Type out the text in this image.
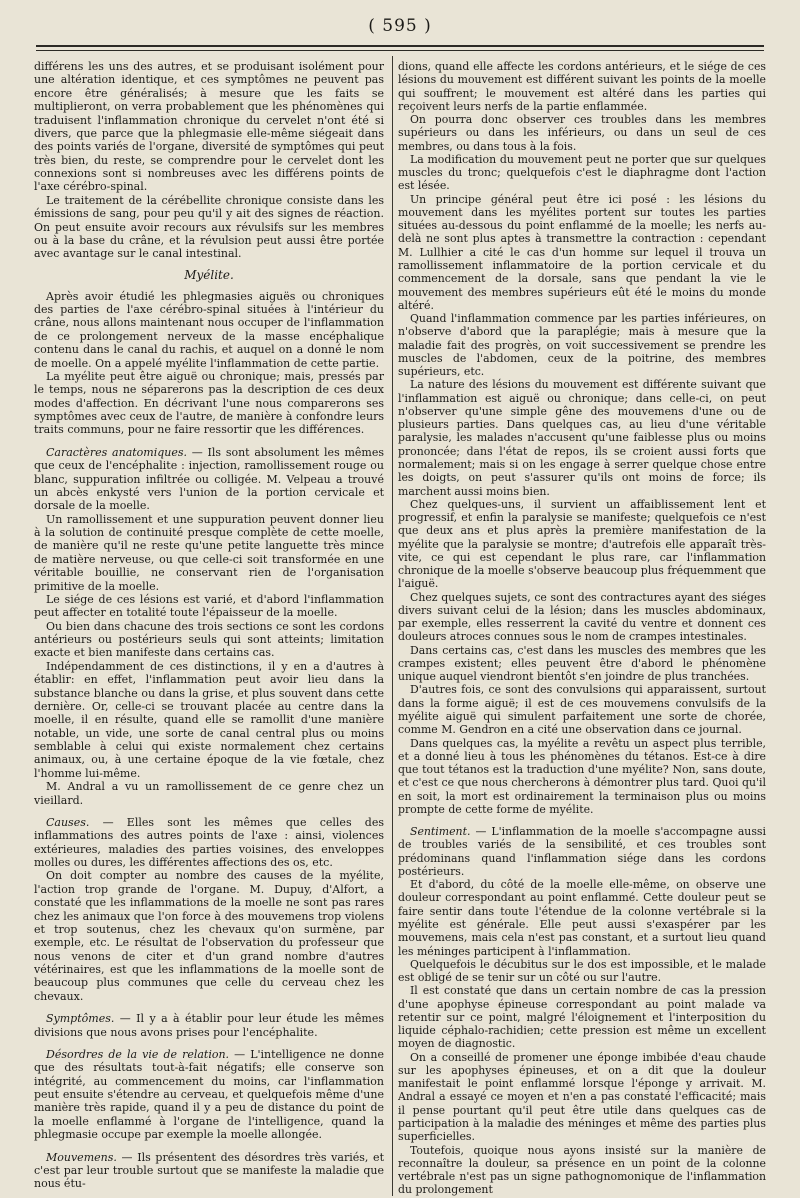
( 595 )

différens les uns des autres, et se produisant isolément pour une altération identique, et ces symptômes ne peuvent pas encore être généralisés; à mesure que les faits se multiplieront, on verra probablement que les phénomènes qui traduisent l'inflammation chronique du cervelet n'ont été si divers, que parce que la phlegmasie elle-même siégeait dans des points variés de l'organe, diversité de symptômes qui peut très bien, du reste, se comprendre pour le cervelet dont les connexions sont si nombreuses avec les différens points de l'axe cérébro-spinal.

Le traitement de la cérébellite chronique consiste dans les émissions de sang, pour peu qu'il y ait des signes de réaction. On peut ensuite avoir recours aux révulsifs sur les membres ou à la base du crâne, et la révulsion peut aussi être portée avec avantage sur le canal intestinal.

Myélite.

Après avoir étudié les phlegmasies aiguës ou chroniques des parties de l'axe cérébro-spinal situées à l'intérieur du crâne, nous allons maintenant nous occuper de l'inflammation de ce prolongement nerveux de la masse encéphalique contenu dans le canal du rachis, et auquel on a donné le nom de moelle. On a appelé myélite l'inflammation de cette partie.

La myélite peut être aiguë ou chronique; mais, pressés par le temps, nous ne séparerons pas la description de ces deux modes d'affection. En décrivant l'une nous comparerons ses symptômes avec ceux de l'autre, de manière à confondre leurs traits communs, pour ne faire ressortir que les différences.

Caractères anatomiques. — Ils sont absolument les mêmes que ceux de l'encéphalite : injection, ramollissement rouge ou blanc, suppuration infiltrée ou colligée. M. Velpeau a trouvé un abcès enkysté vers l'union de la portion cervicale et dorsale de la moelle.

Un ramollissement et une suppuration peuvent donner lieu à la solution de continuité presque complète de cette moelle, de manière qu'il ne reste qu'une petite languette très mince de matière nerveuse, ou que celle-ci soit transformée en une véritable bouillie, ne conservant rien de l'organisation primitive de la moelle.

Le siége de ces lésions est varié, et d'abord l'inflammation peut affecter en totalité toute l'épaisseur de la moelle.

Ou bien dans chacune des trois sections ce sont les cordons antérieurs ou postérieurs seuls qui sont atteints; limitation exacte et bien manifeste dans certains cas.

Indépendamment de ces distinctions, il y en a d'autres à établir: en effet, l'inflammation peut avoir lieu dans la substance blanche ou dans la grise, et plus souvent dans cette dernière. Or, celle-ci se trouvant placée au centre dans la moelle, il en résulte, quand elle se ramollit d'une manière notable, un vide, une sorte de canal central plus ou moins semblable à celui qui existe normalement chez certains animaux, ou, à une certaine époque de la vie fœtale, chez l'homme lui-même.

M. Andral a vu un ramollissement de ce genre chez un vieillard.

Causes. — Elles sont les mêmes que celles des inflammations des autres points de l'axe : ainsi, violences extérieures, maladies des parties voisines, des enveloppes molles ou dures, les différentes affections des os, etc.

On doit compter au nombre des causes de la myélite, l'action trop grande de l'organe. M. Dupuy, d'Alfort, a constaté que les inflammations de la moelle ne sont pas rares chez les animaux que l'on force à des mouvemens trop violens et trop soutenus, chez les chevaux qu'on surmène, par exemple, etc. Le résultat de l'observation du professeur que nous venons de citer et d'un grand nombre d'autres vétérinaires, est que les inflammations de la moelle sont de beaucoup plus communes que celle du cerveau chez les chevaux.

Symptômes. — Il y a à établir pour leur étude les mêmes divisions que nous avons prises pour l'encéphalite.

Désordres de la vie de relation. — L'intelligence ne donne que des résultats tout-à-fait négatifs; elle conserve son intégrité, au commencement du moins, car l'inflammation peut ensuite s'étendre au cerveau, et quelquefois même d'une manière très rapide, quand il y a peu de distance du point de la moelle enflammé à l'organe de l'intelligence, quand la phlegmasie occupe par exemple la moelle allongée.

Mouvemens. — Ils présentent des désordres très variés, et c'est par leur trouble surtout que se manifeste la maladie que nous étu-

dions, quand elle affecte les cordons antérieurs, et le siége de ces lésions du mouvement est différent suivant les points de la moelle qui souffrent; le mouvement est altéré dans les parties qui reçoivent leurs nerfs de la partie enflammée.

On pourra donc observer ces troubles dans les membres supérieurs ou dans les inférieurs, ou dans un seul de ces membres, ou dans tous à la fois.

La modification du mouvement peut ne porter que sur quelques muscles du tronc; quelquefois c'est le diaphragme dont l'action est lésée.

Un principe général peut être ici posé : les lésions du mouvement dans les myélites portent sur toutes les parties situées au-dessous du point enflammé de la moelle; les nerfs au-delà ne sont plus aptes à transmettre la contraction : cependant M. Lullhier a cité le cas d'un homme sur lequel il trouva un ramollissement inflammatoire de la portion cervicale et du commencement de la dorsale, sans que pendant la vie le mouvement des membres supérieurs eût été le moins du monde altéré.

Quand l'inflammation commence par les parties inférieures, on n'observe d'abord que la paraplégie; mais à mesure que la maladie fait des progrès, on voit successivement se prendre les muscles de l'abdomen, ceux de la poitrine, des membres supérieurs, etc.

La nature des lésions du mouvement est différente suivant que l'inflammation est aiguë ou chronique; dans celle-ci, on peut n'observer qu'une simple gêne des mouvemens d'une ou de plusieurs parties. Dans quelques cas, au lieu d'une véritable paralysie, les malades n'accusent qu'une faiblesse plus ou moins prononcée; dans l'état de repos, ils se croient aussi forts que normalement; mais si on les engage à serrer quelque chose entre les doigts, on peut s'assurer qu'ils ont moins de force; ils marchent aussi moins bien.

Chez quelques-uns, il survient un affaiblissement lent et progressif, et enfin la paralysie se manifeste; quelquefois ce n'est que deux ans et plus après la première manifestation de la myélite que la paralysie se montre; d'autrefois elle apparaît très-vite, ce qui est cependant le plus rare, car l'inflammation chronique de la moelle s'observe beaucoup plus fréquemment que l'aiguë.

Chez quelques sujets, ce sont des contractures ayant des siéges divers suivant celui de la lésion; dans les muscles abdominaux, par exemple, elles resserrent la cavité du ventre et donnent ces douleurs atroces connues sous le nom de crampes intestinales.

Dans certains cas, c'est dans les muscles des membres que les crampes existent; elles peuvent être d'abord le phénomène unique auquel viendront bientôt s'en joindre de plus tranchées.

D'autres fois, ce sont des convulsions qui apparaissent, surtout dans la forme aiguë; il est de ces mouvemens convulsifs de la myélite aiguë qui simulent parfaitement une sorte de chorée, comme M. Gendron en a cité une observation dans ce journal.

Dans quelques cas, la myélite a revêtu un aspect plus terrible, et a donné lieu à tous les phénomènes du tétanos. Est-ce à dire que tout tétanos est la traduction d'une myélite? Non, sans doute, et c'est ce que nous chercherons à démontrer plus tard. Quoi qu'il en soit, la mort est ordinairement la terminaison plus ou moins prompte de cette forme de myélite.

Sentiment. — L'inflammation de la moelle s'accompagne aussi de troubles variés de la sensibilité, et ces troubles sont prédominans quand l'inflammation siége dans les cordons postérieurs.

Et d'abord, du côté de la moelle elle-même, on observe une douleur correspondant au point enflammé. Cette douleur peut se faire sentir dans toute l'étendue de la colonne vertébrale si la myélite est générale. Elle peut aussi s'exaspérer par les mouvemens, mais cela n'est pas constant, et a surtout lieu quand les méninges participent à l'inflammation.

Quelquefois le décubitus sur le dos est impossible, et le malade est obligé de se tenir sur un côté ou sur l'autre.

Il est constaté que dans un certain nombre de cas la pression d'une apophyse épineuse correspondant au point malade va retentir sur ce point, malgré l'éloignement et l'interposition du liquide céphalo-rachidien; cette pression est même un excellent moyen de diagnostic.

On a conseillé de promener une éponge imbibée d'eau chaude sur les apophyses épineuses, et on a dit que la douleur manifestait le point enflammé lorsque l'éponge y arrivait. M. Andral a essayé ce moyen et n'en a pas constaté l'efficacité; mais il pense pourtant qu'il peut être utile dans quelques cas de participation à la maladie des méninges et même des parties plus superficielles.

Toutefois, quoique nous ayons insisté sur la manière de reconnaître la douleur, sa présence en un point de la colonne vertébrale n'est pas un signe pathognomonique de l'inflammation du prolongement
